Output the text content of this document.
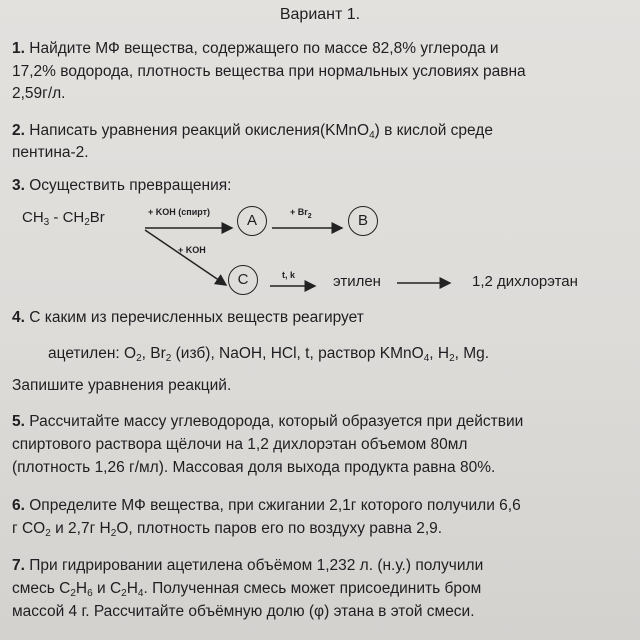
Вариант 1.
1. Найдите МФ вещества, содержащего по массе 82,8% углерода и
17,2% водорода, плотность вещества при нормальных условиях равна
2,59г/л.
2. Написать уравнения реакций окисления(KMnO$_4$) в кислой среде
пентина-2.
3. Осуществить превращения:
$CH_3 - CH_2Br$	+ KOH (спирт)	+ $Br_2$
+ KOH
t, k
A	B
C	этилен	1,2 дихлорэтан
4. С каким из перечисленных веществ реагирует
ацетилен: $O_2$, $Br_2$ (изб), NaOH, HCl, t, раствор KMnO$_4$, $H_2$, Mg.
Запишите уравнения реакций.
5. Рассчитайте массу углеводорода, который образуется при действии
спиртового раствора щёлочи на 1,2 дихлорэтан объемом 80мл
(плотность 1,26 г/мл). Массовая доля выхода продукта равна 80%.
6. Определите МФ вещества, при сжигании 2,1г которого получили 6,6
г $CO_2$ и 2,7г $H_2O$, плотность паров его по воздуху равна 2,9.
7. При гидрировании ацетилена объёмом 1,232 л. (н.у.) получили
смесь $C_2H_6$ и $C_2H_4$. Полученная смесь может присоединить бром
массой 4 г. Рассчитайте объёмную долю (φ) этана в этой смеси.
